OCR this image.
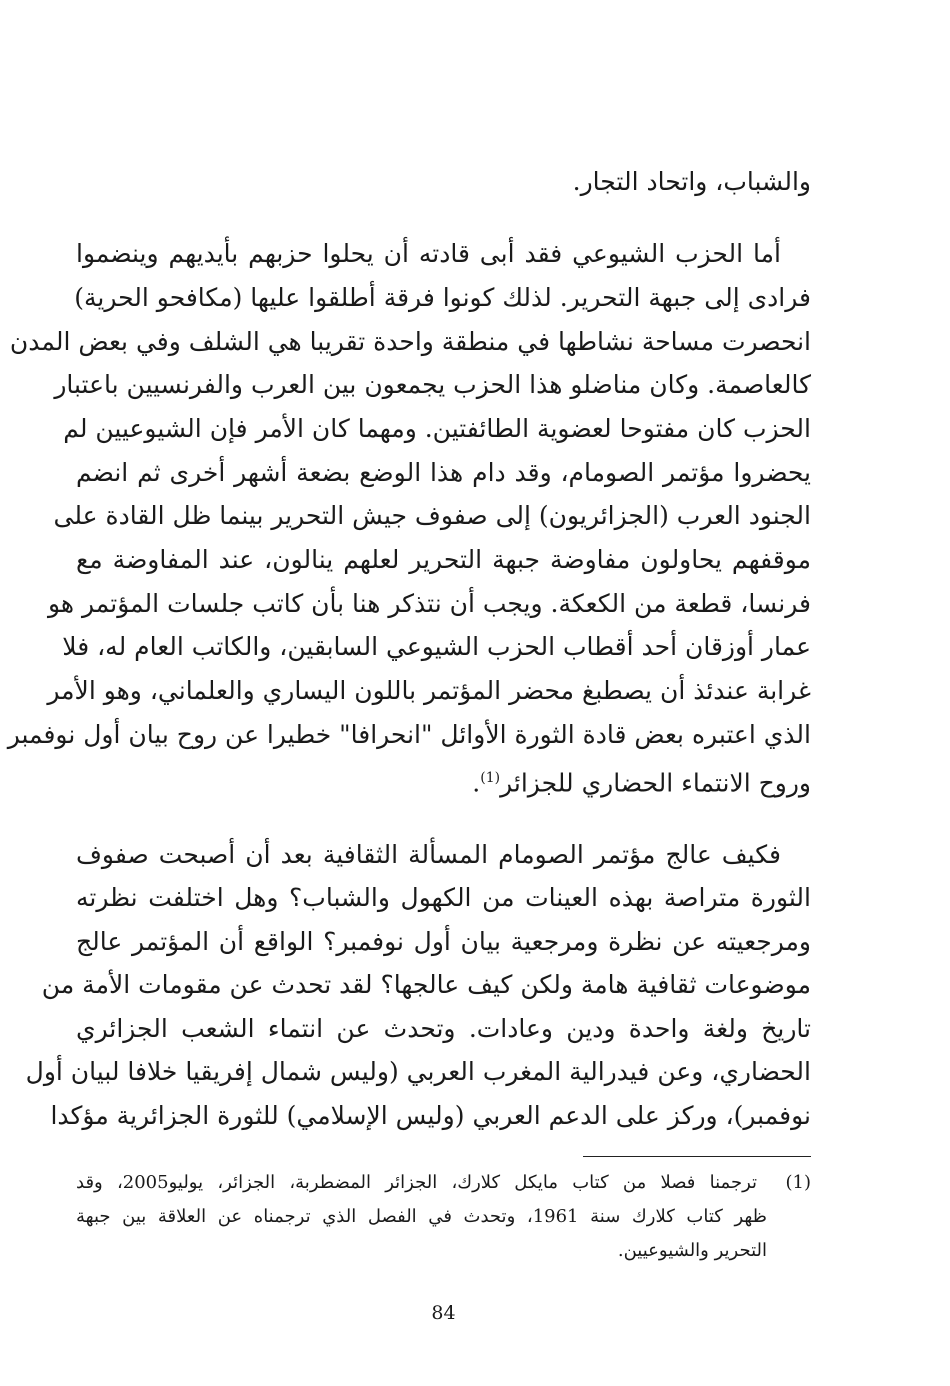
والشباب، واتحاد التجار.
أما الحزب الشيوعي فقد أبى قادته أن يحلوا حزبهم بأيديهم وينضموا
فرادى إلى جبهة التحرير. لذلك كونوا فرقة أطلقوا عليها (مكافحو الحرية)
انحصرت مساحة نشاطها في منطقة واحدة تقريبا هي الشلف وفي بعض المدن
كالعاصمة. وكان مناضلو هذا الحزب يجمعون بين العرب والفرنسيين باعتبار
الحزب كان مفتوحا لعضوية الطائفتين. ومهما كان الأمر فإن الشيوعيين لم
يحضروا مؤتمر الصومام، وقد دام هذا الوضع بضعة أشهر أخرى ثم انضم
الجنود العرب (الجزائريون) إلى صفوف جيش التحرير بينما ظل القادة على
موقفهم يحاولون مفاوضة جبهة التحرير لعلهم ينالون، عند المفاوضة مع
فرنسا، قطعة من الكعكة. ويجب أن نتذكر هنا بأن كاتب جلسات المؤتمر هو
عمار أوزقان أحد أقطاب الحزب الشيوعي السابقين، والكاتب العام له، فلا
غرابة عندئذ أن يصطبغ محضر المؤتمر باللون اليساري والعلماني، وهو الأمر
الذي اعتبره بعض قادة الثورة الأوائل "انحرافا" خطيرا عن روح بيان أول نوفمبر
وروح الانتماء الحضاري للجزائر$^{(1)}$.
فكيف عالج مؤتمر الصومام المسألة الثقافية بعد أن أصبحت صفوف
الثورة متراصة بهذه العينات من الكهول والشباب؟ وهل اختلفت نظرته
ومرجعيته عن نظرة ومرجعية بيان أول نوفمبر؟ الواقع أن المؤتمر عالج
موضوعات ثقافية هامة ولكن كيف عالجها؟ لقد تحدث عن مقومات الأمة من
تاريخ ولغة واحدة ودين وعادات. وتحدث عن انتماء الشعب الجزائري
الحضاري، وعن فيدرالية المغرب العربي (وليس شمال إفريقيا خلافا لبيان أول
نوفمبر)، وركز على الدعم العربي (وليس الإسلامي) للثورة الجزائرية مؤكدا
(1)  ترجمنا فصلا من كتاب مايكل كلارك، الجزائر المضطربة، الجزائر، يوليو2005، وقد
ظهر كتاب كلارك سنة 1961، وتحدث في الفصل الذي ترجمناه عن العلاقة بين جبهة
التحرير والشيوعيين.
84
